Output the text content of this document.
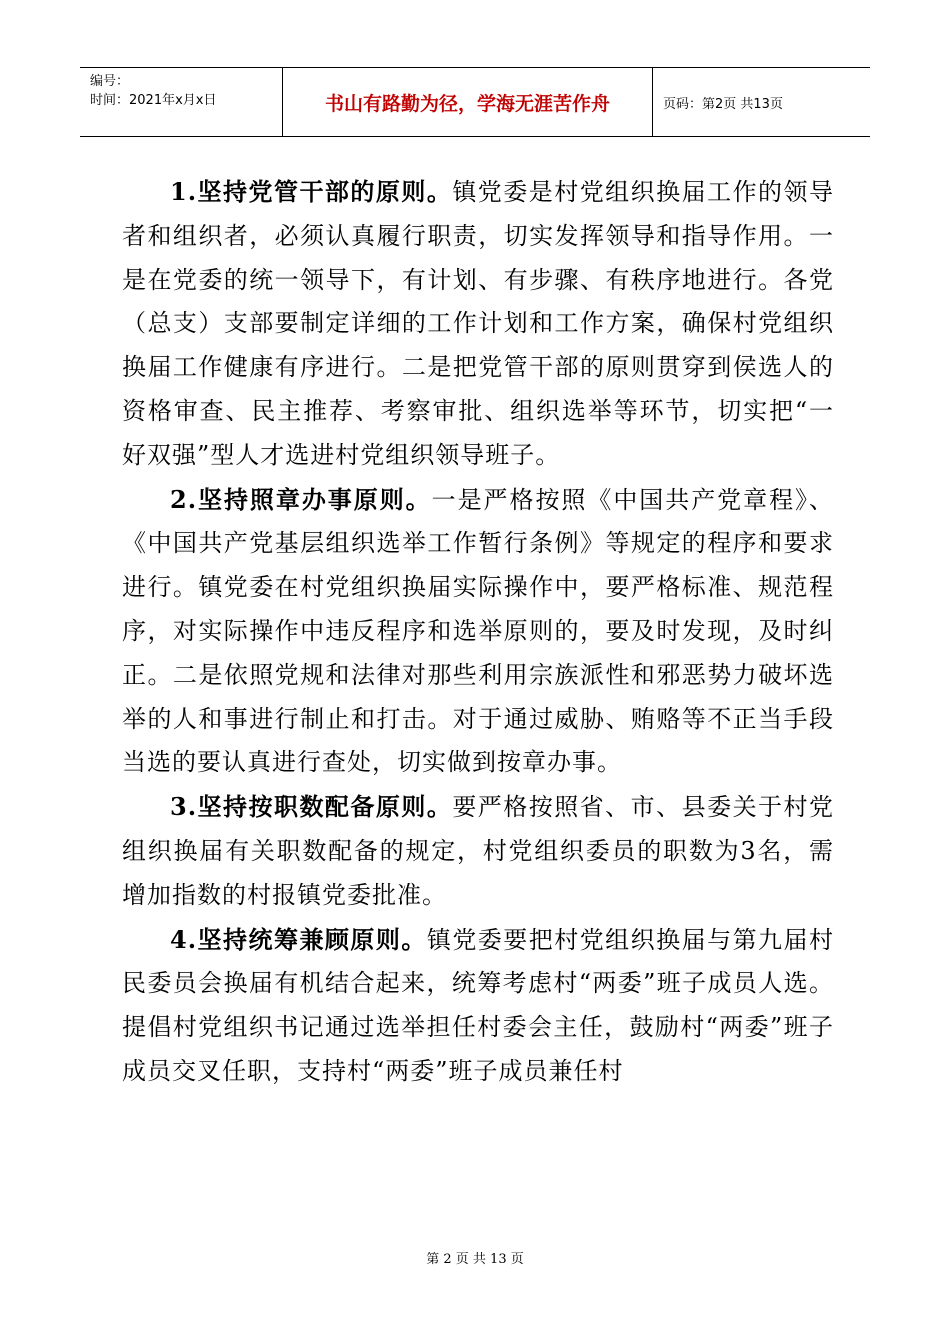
编号：
时间：2021年x月x日	书山有路勤为径，学海无涯苦作舟	页码：第2页 共13页

1.坚持党管干部的原则。镇党委是村党组织换届工作的领导者和组织者，必须认真履行职责，切实发挥领导和指导作用。一是在党委的统一领导下，有计划、有步骤、有秩序地进行。各党（总支）支部要制定详细的工作计划和工作方案，确保村党组织换届工作健康有序进行。二是把党管干部的原则贯穿到侯选人的资格审查、民主推荐、考察审批、组织选举等环节，切实把“一好双强”型人才选进村党组织领导班子。

2.坚持照章办事原则。一是严格按照《中国共产党章程》、《中国共产党基层组织选举工作暂行条例》等规定的程序和要求进行。镇党委在村党组织换届实际操作中，要严格标准、规范程序，对实际操作中违反程序和选举原则的，要及时发现，及时纠正。二是依照党规和法律对那些利用宗族派性和邪恶势力破坏选举的人和事进行制止和打击。对于通过威胁、贿赂等不正当手段当选的要认真进行查处，切实做到按章办事。

3.坚持按职数配备原则。要严格按照省、市、县委关于村党组织换届有关职数配备的规定，村党组织委员的职数为3名，需增加指数的村报镇党委批准。

4.坚持统筹兼顾原则。镇党委要把村党组织换届与第九届村民委员会换届有机结合起来，统筹考虑村“两委”班子成员人选。提倡村党组织书记通过选举担任村委会主任，鼓励村“两委”班子成员交叉任职，支持村“两委”班子成员兼任村

第 2 页 共 13 页
